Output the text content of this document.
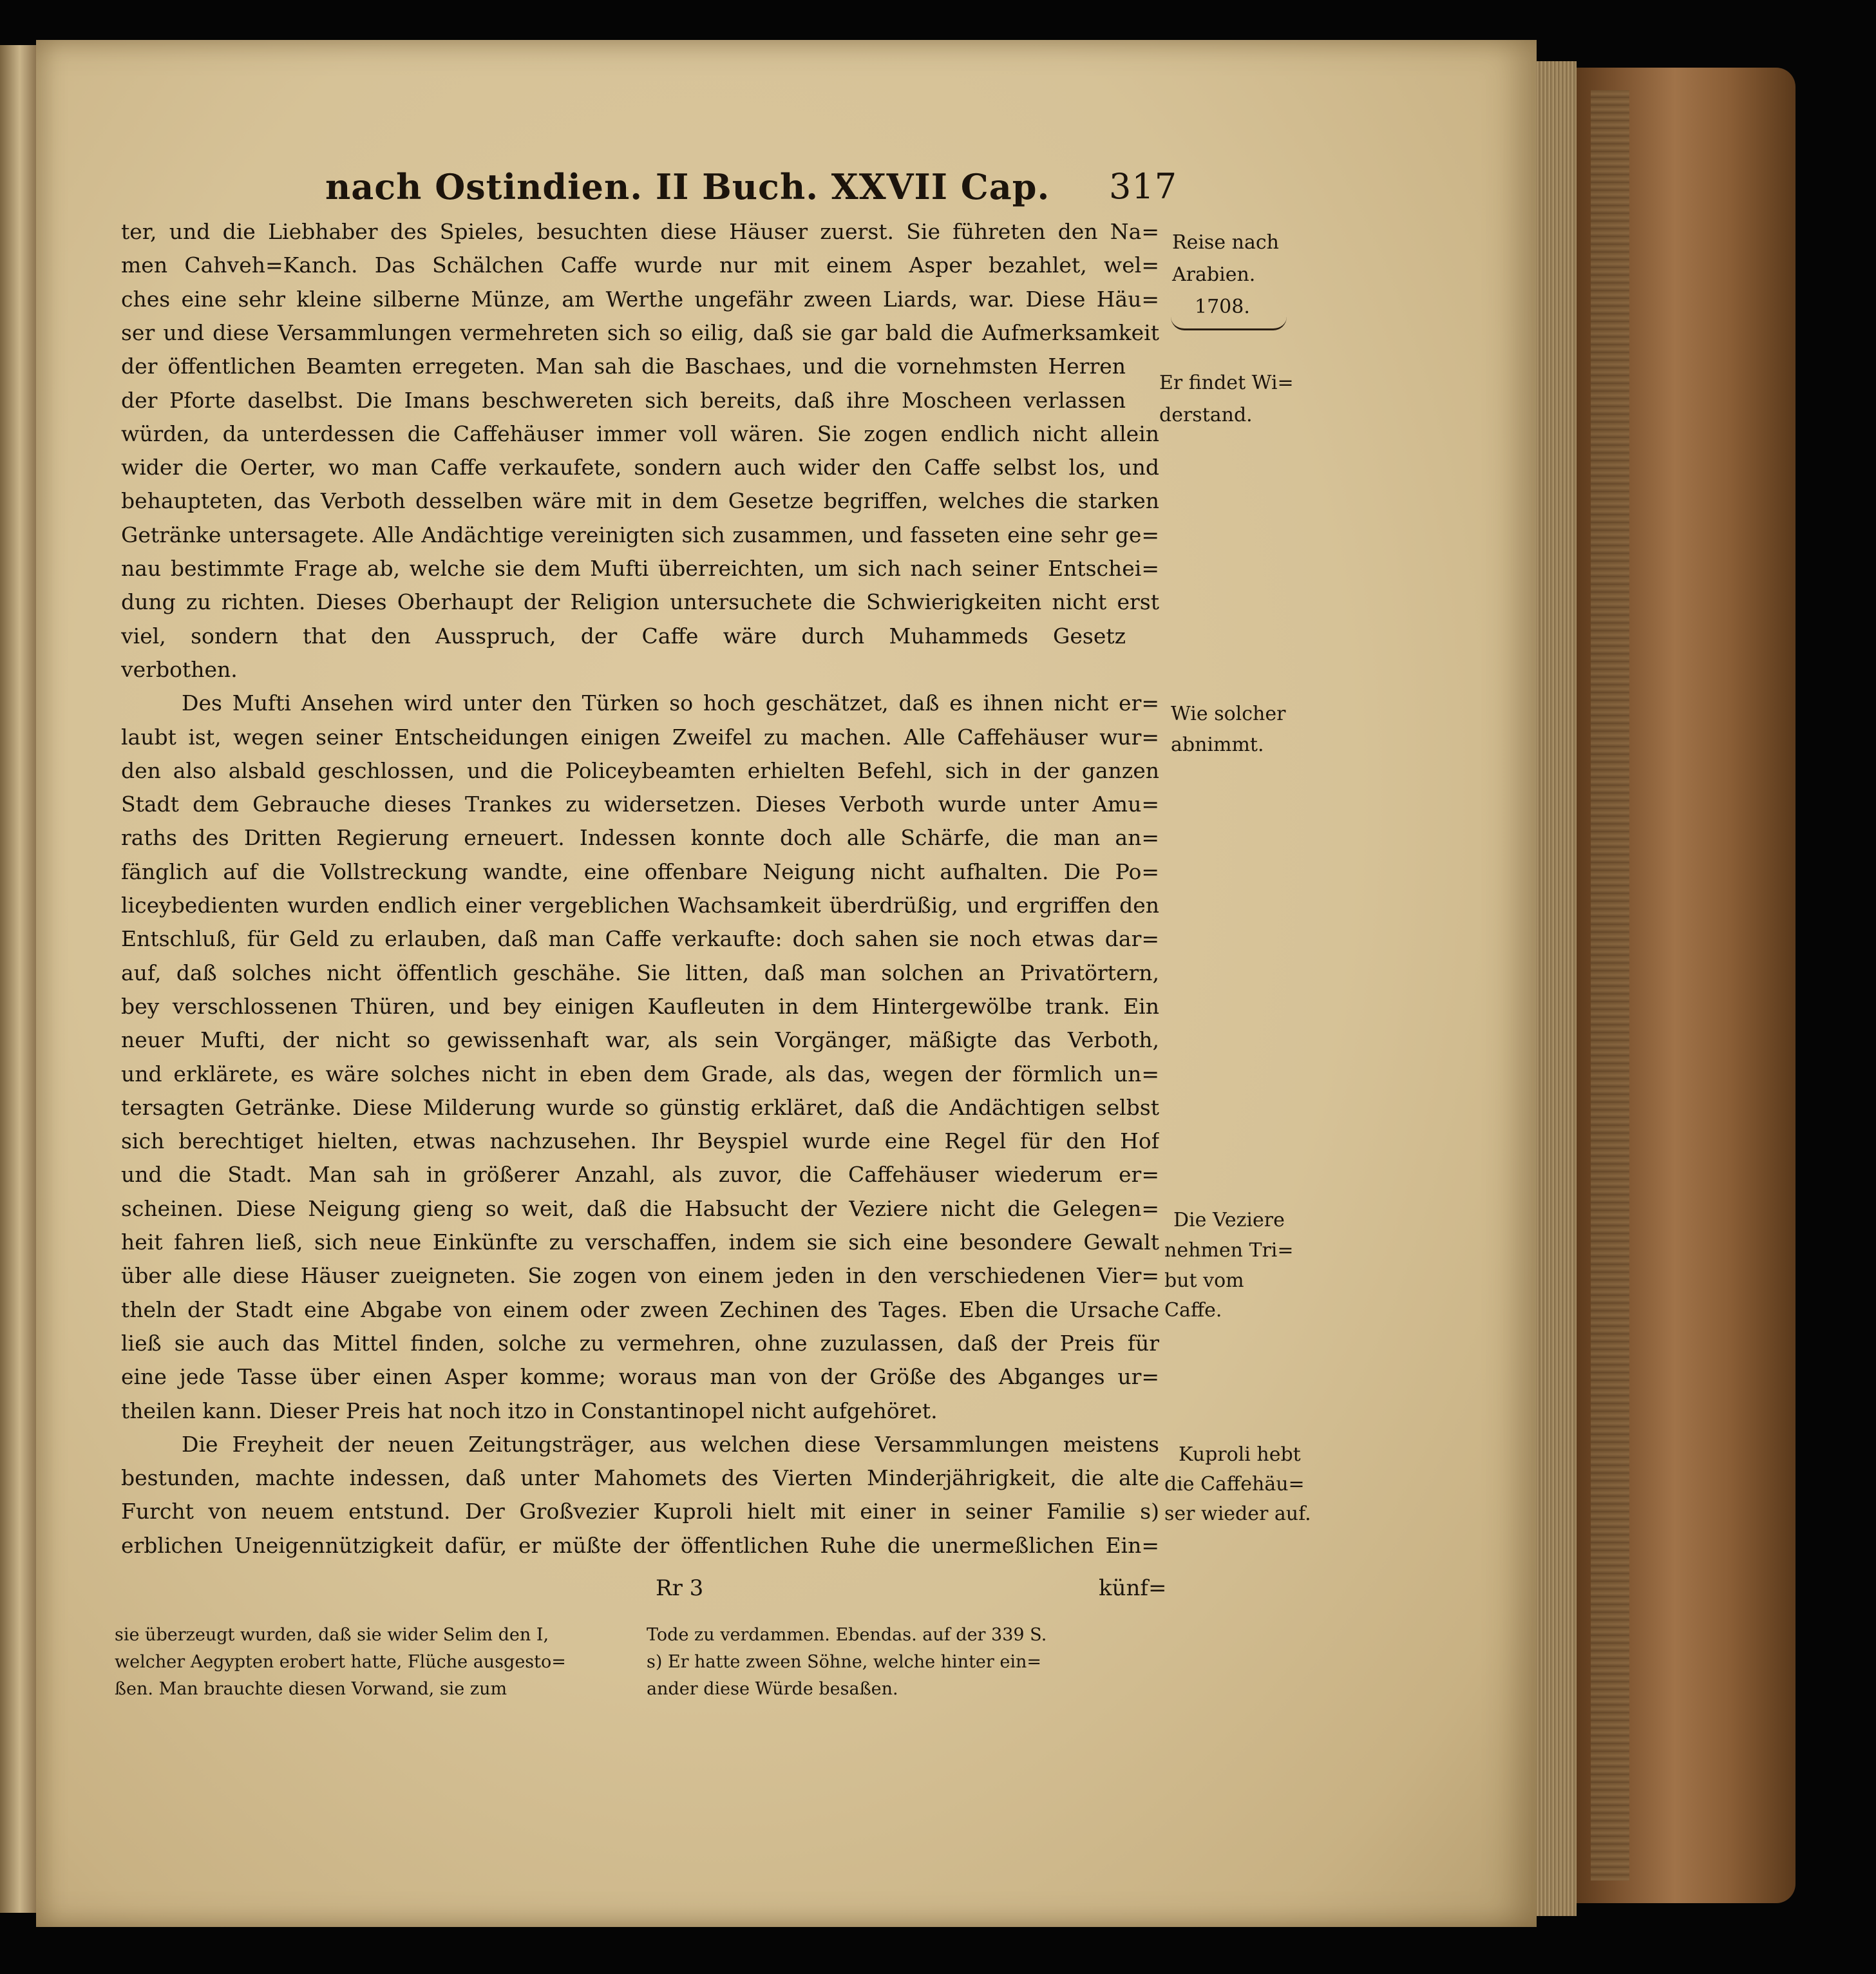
nach Ostindien. II Buch. XXVII Cap. 317
ter, und die Liebhaber des Spieles, besuchten diese Häuser zuerst. Sie führeten den Na=
men Cahveh=Kanch. Das Schälchen Caffe wurde nur mit einem Asper bezahlet, wel=
ches eine sehr kleine silberne Münze, am Werthe ungefähr zween Liards, war. Diese Häu=
ser und diese Versammlungen vermehreten sich so eilig, daß sie gar bald die Aufmerksamkeit
der öffentlichen Beamten erregeten. Man sah die Baschaes, und die vornehmsten Herren
der Pforte daselbst. Die Imans beschwereten sich bereits, daß ihre Moscheen verlassen
würden, da unterdessen die Caffehäuser immer voll wären. Sie zogen endlich nicht allein
wider die Oerter, wo man Caffe verkaufete, sondern auch wider den Caffe selbst los, und
behaupteten, das Verboth desselben wäre mit in dem Gesetze begriffen, welches die starken
Getränke untersagete. Alle Andächtige vereinigten sich zusammen, und fasseten eine sehr ge=
nau bestimmte Frage ab, welche sie dem Mufti überreichten, um sich nach seiner Entschei=
dung zu richten. Dieses Oberhaupt der Religion untersuchete die Schwierigkeiten nicht erst
viel, sondern that den Ausspruch, der Caffe wäre durch Muhammeds Gesetz
verbothen.
Des Mufti Ansehen wird unter den Türken so hoch geschätzet, daß es ihnen nicht er=
laubt ist, wegen seiner Entscheidungen einigen Zweifel zu machen. Alle Caffehäuser wur=
den also alsbald geschlossen, und die Policeybeamten erhielten Befehl, sich in der ganzen
Stadt dem Gebrauche dieses Trankes zu widersetzen. Dieses Verboth wurde unter Amu=
raths des Dritten Regierung erneuert. Indessen konnte doch alle Schärfe, die man an=
fänglich auf die Vollstreckung wandte, eine offenbare Neigung nicht aufhalten. Die Po=
liceybedienten wurden endlich einer vergeblichen Wachsamkeit überdrüßig, und ergriffen den
Entschluß, für Geld zu erlauben, daß man Caffe verkaufte: doch sahen sie noch etwas dar=
auf, daß solches nicht öffentlich geschähe. Sie litten, daß man solchen an Privatörtern,
bey verschlossenen Thüren, und bey einigen Kaufleuten in dem Hintergewölbe trank. Ein
neuer Mufti, der nicht so gewissenhaft war, als sein Vorgänger, mäßigte das Verboth,
und erklärete, es wäre solches nicht in eben dem Grade, als das, wegen der förmlich un=
tersagten Getränke. Diese Milderung wurde so günstig erkläret, daß die Andächtigen selbst
sich berechtiget hielten, etwas nachzusehen. Ihr Beyspiel wurde eine Regel für den Hof
und die Stadt. Man sah in größerer Anzahl, als zuvor, die Caffehäuser wiederum er=
scheinen. Diese Neigung gieng so weit, daß die Habsucht der Veziere nicht die Gelegen=
heit fahren ließ, sich neue Einkünfte zu verschaffen, indem sie sich eine besondere Gewalt
über alle diese Häuser zueigneten. Sie zogen von einem jeden in den verschiedenen Vier=
theln der Stadt eine Abgabe von einem oder zween Zechinen des Tages. Eben die Ursache
ließ sie auch das Mittel finden, solche zu vermehren, ohne zuzulassen, daß der Preis für
eine jede Tasse über einen Asper komme; woraus man von der Größe des Abganges ur=
theilen kann. Dieser Preis hat noch itzo in Constantinopel nicht aufgehöret.
Die Freyheit der neuen Zeitungsträger, aus welchen diese Versammlungen meistens
bestunden, machte indessen, daß unter Mahomets des Vierten Minderjährigkeit, die alte
Furcht von neuem entstund. Der Großvezier Kuproli hielt mit einer in seiner Familie s)
erblichen Uneigennützigkeit dafür, er müßte der öffentlichen Ruhe die unermeßlichen Ein=
Reise nach
Arabien.
1708.
Er findet Wi=
derstand.
Wie solcher
abnimmt.
Die Veziere
nehmen Tri=
but vom
Caffe.
Kuproli hebt
die Caffehäu=
ser wieder auf.
Rr 3	künf=
sie überzeugt wurden, daß sie wider Selim den I,
welcher Aegypten erobert hatte, Flüche ausgesto=
ßen. Man brauchte diesen Vorwand, sie zum
Tode zu verdammen. Ebendas. auf der 339 S.
s) Er hatte zween Söhne, welche hinter ein=
ander diese Würde besaßen.
